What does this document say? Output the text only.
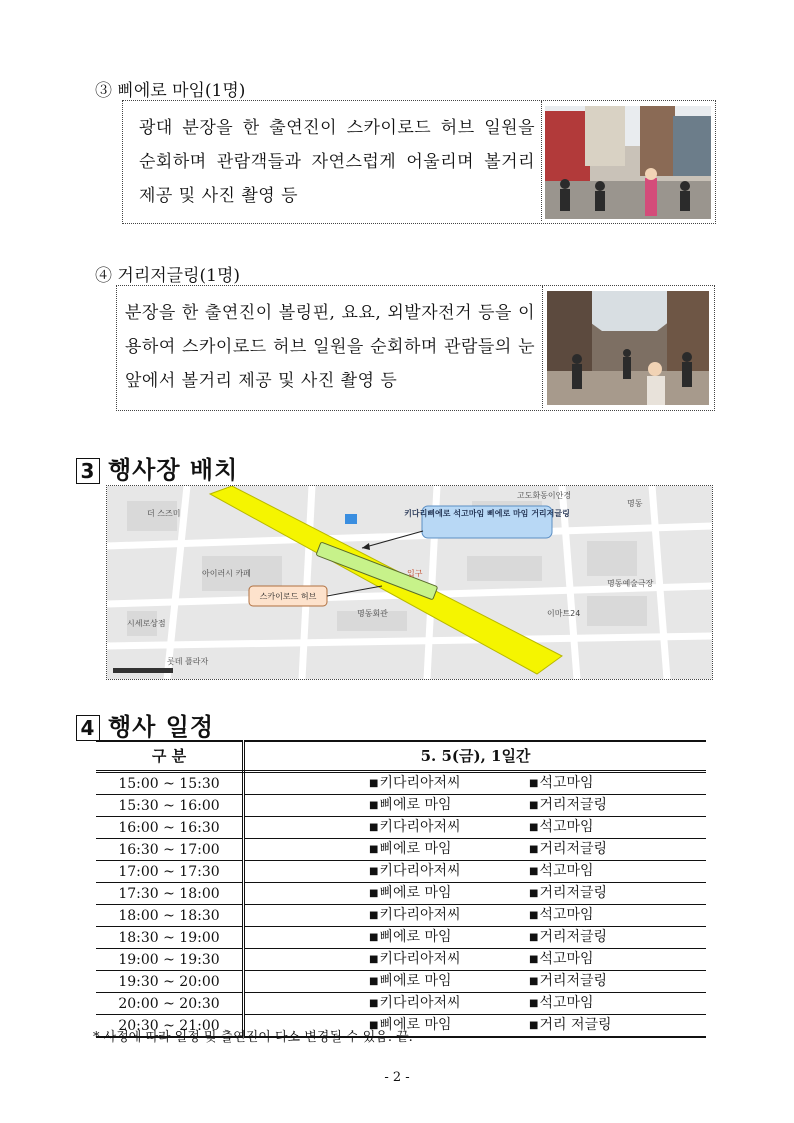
③ 삐에로 마임(1명)
광대 분장을 한 출연진이 스카이로드 허브 일원을 순회하며 관람객들과 자연스럽게 어울리며 볼거리 제공 및 사진 촬영 등
④ 거리저글링(1명)
분장을 한 출연진이 볼링핀, 요요, 외발자전거 등을 이용하여 스카이로드 허브 일원을 순회하며 관람들의 눈앞에서 볼거리 제공 및 사진 촬영 등
3 행사장 배치
더 스즈미
아이러시 카페
이마트24
명동예술극장
명동회관
시세로상점
고도화동이안경
명동
롯데 플라자
키다리삐에로 석고마임 삐에로 마임 거리저글링
스카이로드 허브
입구
4 행사 일정
구 분	5. 5(금), 1일간
15:00 ~ 15:30	■키다리아저씨 ■석고마임
15:30 ~ 16:00	■삐에로 마임 ■거리저글링
16:00 ~ 16:30	■키다리아저씨 ■석고마임
16:30 ~ 17:00	■삐에로 마임 ■거리저글링
17:00 ~ 17:30	■키다리아저씨 ■석고마임
17:30 ~ 18:00	■삐에로 마임 ■거리저글링
18:00 ~ 18:30	■키다리아저씨 ■석고마임
18:30 ~ 19:00	■삐에로 마임 ■거리저글링
19:00 ~ 19:30	■키다리아저씨 ■석고마임
19:30 ~ 20:00	■삐에로 마임 ■거리저글링
20:00 ~ 20:30	■키다리아저씨 ■석고마임
20:30 ~ 21:00	■삐에로 마임 ■거리 저글링
* 사정에 따라 일정 및 출연진이 다소 변경될 수 있음. 끝.
- 2 -
